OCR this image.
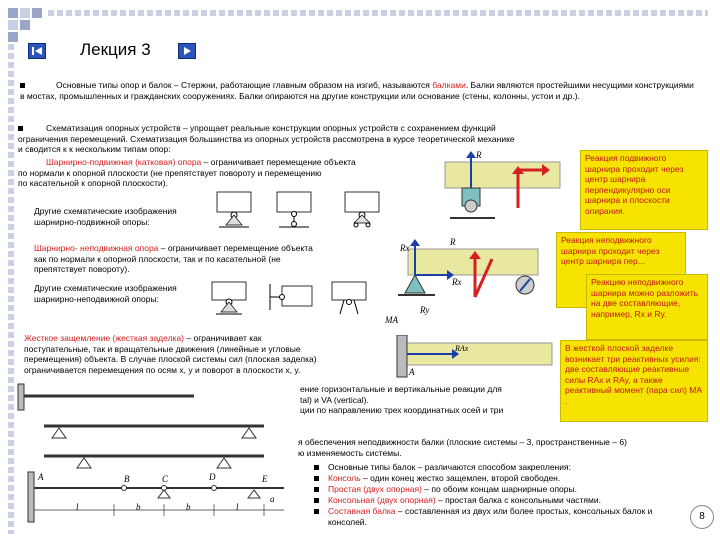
Лекция 3
Основные типы опор и балок – Стержни, работающие главным образом на изгиб, называются балками. Балки являются простейшими несущими конструкциями в мостах, промышленных и гражданских сооружениях. Балки опираются на другие конструкции или основание (стены, колонны, устои и др.).
Схематизация опорных устройств – упрощает реальные конструкции опорных устройств с сохранением функций
ограничения перемещений. Схематизация большинства из опорных устройств рассмотрена в курсе теоретической механике
и сводится к к нескольким типам опор:
Шарнирно-подвижная (катковая) опора – ограничивает перемещение объекта
по нормали к опорной плоскости (не препятствует повороту и перемещению
по касательной к опорной плоскости).
Другие схематические изображения
шарнирно-подвижной опоры:
R	Реакция подвижного шарнира проходит через центр шарнира перпендикулярно оси шарнира и плоскости опирания.
Шарнирно- неподвижная опора – ограничивает перемещение объекта
как по нормали к опорной плоскости, так и по касательной (не
препятствует повороту).
Другие схематические изображения
шарнирно-неподвижной опоры:
Rx
R
Rx
Ry
MA
Реакция неподвижного шарнира проходит через центр шарнира пер...
Реакцию неподвижного шарнира можно разложить на две составляющие, например, Rx и Ry.
Жесткое защемление (жесткая заделка) – ограничивает как
поступательные, так и вращательные движения (линейные и угловые
перемещения) объекта. В случае плоской системы сил (плоская заделка)
ограничивается перемещения по осям x, y и поворот в плоскости x, y.
RAx
A
В жесткой плоской заделке возникает три реактивных усилия: две составляющие реактивные силы RAx и RAy, а также реактивный момент (пара сил) MA .
ение горизонтальные и вертикальные реакции для
tal) и VA (vertical).
ции по направлению трех координатных осей и три
я обеспечения неподвижности балки (плоские системы – 3, пространственные – 6)
ю изменяемость системы.
A	B	C	D	E
l	b	b	l
a
Основные типы балок – различаются способом закрепления:
Консоль – один конец жестко защемлен, второй свободен.
Простая (двух опорная) – по обоим концам шарнирные опоры.
Консольная (двух опорная) – простая балка с консольными частями.
Составная балка – составленная из двух или более простых, консольных балок и консолей.	8
